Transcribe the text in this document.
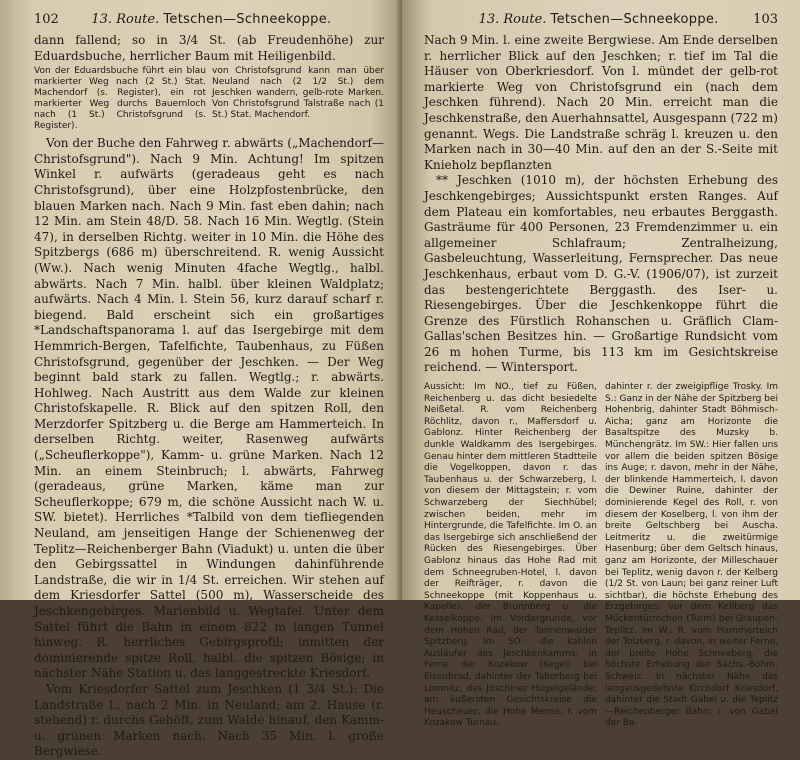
102	13. Route. Tetschen—Schneekoppe.

dann fallend; so in 3/4 St. (ab Freudenhöhe) zur Eduardsbuche, herrlicher Baum mit Heiligenbild.

Von der Eduardsbuche führt ein blau markierter Weg nach (2 St.) Stat. Machendorf (s. Register), ein rot markierter Weg durchs Bauernloch nach (1 St.) Christofsgrund (s. Register).
von Christofsgrund kann man über Neuland nach (2 1/2 St.) dem Jeschken wandern, gelb-rote Marken. Von Christofsgrund Talstraße nach (1 St.) Stat. Machendorf.

Von der Buche den Fahrweg r. abwärts („Machendorf—Christofsgrund"). Nach 9 Min. Achtung! Im spitzen Winkel r. aufwärts (geradeaus geht es nach Christofsgrund), über eine Holzpfostenbrücke, den blauen Marken nach. Nach 9 Min. fast eben dahin; nach 12 Min. am Stein 48/D. 58. Nach 16 Min. Wegtlg. (Stein 47), in derselben Richtg. weiter in 10 Min. die Höhe des Spitzbergs (686 m) überschreitend. R. wenig Aussicht (Ww.). Nach wenig Minuten 4fache Wegtlg., halbl. abwärts. Nach 7 Min. halbl. über kleinen Waldplatz; aufwärts. Nach 4 Min. l. Stein 56, kurz darauf scharf r. biegend. Bald erscheint sich ein großartiges *Landschaftspanorama l. auf das Isergebirge mit dem Hemmrich-Bergen, Tafelfichte, Taubenhaus, zu Füßen Christofsgrund, gegenüber der Jeschken. — Der Weg beginnt bald stark zu fallen. Wegtlg.; r. abwärts. Hohlweg. Nach Austritt aus dem Walde zur kleinen Christofskapelle. R. Blick auf den spitzen Roll, den Merzdorfer Spitzberg u. die Berge am Hammerteich. In derselben Richtg. weiter, Rasenweg aufwärts („Scheuflerkoppe"), Kamm- u. grüne Marken. Nach 12 Min. an einem Steinbruch; l. abwärts, Fahrweg (geradeaus, grüne Marken, käme man zur Scheuflerkoppe; 679 m, die schöne Aussicht nach W. u. SW. bietet). Herrliches *Talbild von dem tiefliegenden Neuland, am jenseitigen Hange der Schienenweg der Teplitz—Reichenberger Bahn (Viadukt) u. unten die über den Gebirgssattel in Windungen dahinführende Landstraße, die wir in 1/4 St. erreichen. Wir stehen auf dem Kriesdorfer Sattel (500 m), Wasserscheide des Jeschkengebirges. Marienbild u. Wegtafel. Unter dem Sattel führt die Bahn in einem 822 m langen Tunnel hinweg. R. herrliches Gebirgsprofil; inmitten der dominierende spitze Roll, halbl. die spitzen Bösige; in nächster Nähe Station u. das langgestreckte Kriesdorf.

Vom Kriesdorfer Sattel zum Jeschken (1 3/4 St.): Die Landstraße l., nach 2 Min. in Neuland; am 2. Hause (r. stehend) r. durchs Gehöft, zum Walde hinauf, den Kamm- u. grünen Marken nach. Nach 35 Min. l. große Bergwiese.

13. Route. Tetschen—Schneekoppe.	103

Nach 9 Min. l. eine zweite Bergwiese. Am Ende derselben r. herrlicher Blick auf den Jeschken; r. tief im Tal die Häuser von Oberkriesdorf. Von l. mündet der gelb-rot markierte Weg von Christofsgrund ein (nach dem Jeschken führend). Nach 20 Min. erreicht man die Jeschkenstraße, den Auerhahnsattel, Ausgespann (722 m) genannt. Wegs. Die Landstraße schräg l. kreuzen u. den Marken nach in 30—40 Min. auf den an der S.-Seite mit Knieholz bepflanzten

** Jeschken (1010 m), der höchsten Erhebung des Jeschkengebirges; Aussichtspunkt ersten Ranges. Auf dem Plateau ein komfortables, neu erbautes Berggasth. Gasträume für 400 Personen, 23 Fremdenzimmer u. ein allgemeiner Schlafraum; Zentralheizung, Gasbeleuchtung, Wasserleitung, Fernsprecher. Das neue Jeschkenhaus, erbaut vom D. G.-V. (1906/07), ist zurzeit das bestengerichtete Berggasth. des Iser- u. Riesengebirges. Über die Jeschkenkoppe führt die Grenze des Fürstlich Rohanschen u. Gräflich Clam-Gallas'schen Besitzes hin. — Großartige Rundsicht vom 26 m hohen Turme, bis 113 km im Gesichtskreise reichend. — Wintersport.

Aussicht: Im NO., tief zu Füßen, Reichenberg u. das dicht besiedelte Neißetal. R. vom Reichenberg Röchlitz, davon r., Maffersdorf u. Gablonz. Hinter Reichenberg der dunkle Waldkamm des Isergebirges. Genau hinter dem mittleren Stadtteile die Vogelkoppen, davon r. das Taubenhaus u. der Schwarzeberg, l. von diesem der Mittagstein; r. vom Schwarzeberg der Siechhübel; zwischen beiden, mehr im Hintergrunde, die Tafelfichte. Im O. an das Isergebirge sich anschließend der Rücken des Riesengebirges. Über Gablonz hinaus das Hohe Rad mit dem Schneegruben-Hotel, l. davon der Reifträger, r. davon die Schneekoppe (mit Koppenhaus u. Kapelle), der Brunnberg u. die Kesselkoppe. Im Vordergrunde, vor dem Hohen Rad, der Tannenwalder Spitzberg. Im SO.: die kahlen Ausläufer des Jeschkenkamms; in Ferne der Kozakow (Kegel) bei Eisenbrod, dahinter der Taborberg bei Lomnitz, das Jitschiner Hügelgelände; am äußersten Gesichtskreise die Heuscheuer, die Hohe Mense; r. vom Kozakow Turnau,
dahinter r. der zweigipflige Trosky. Im S.: Ganz in der Nähe der Spitzberg bei Hohenbrig, dahinter Stadt Böhmisch-Aicha; ganz am Horizonte die Basaltspitze des Muzsky b. Münchengrätz. Im SW.: Hier fallen uns vor allem die beiden spitzen Bösige ins Auge; r. davon, mehr in der Nähe, der blinkende Hammerteich, l. davon die Dewiner Ruine, dahinter der dominierende Kegel des Roll, r. von diesem der Koselberg, l. von ihm der breite Geltschberg bei Auscha. Leitmeritz u. die zweitürmige Hasenburg; über dem Geltsch hinaus, ganz am Horizonte, der Milleschauer bei Teplitz, wenig davon r. der Kelberg (1/2 St. von Laun; bei ganz reiner Luft sichtbar), die höchste Erhebung des Erzgebirges; vor dem Kellberg das Mückentürmchen (Turm) bei Graupen-Teplitz. Im W.: R. vom Hammerteich der Tolzberg, r. davon, in weiter Ferne, der breite Hohe Schneeberg, die höchste Erhebung der Sächs.-Böhm. Schweiz. In nächster Nähe das langausgedehnte Kirchdorf Kriesdorf, dahinter die Stadt Gabel u. die Teplitz—Reichenberger Bahn; r. von Gabel der Ba-
